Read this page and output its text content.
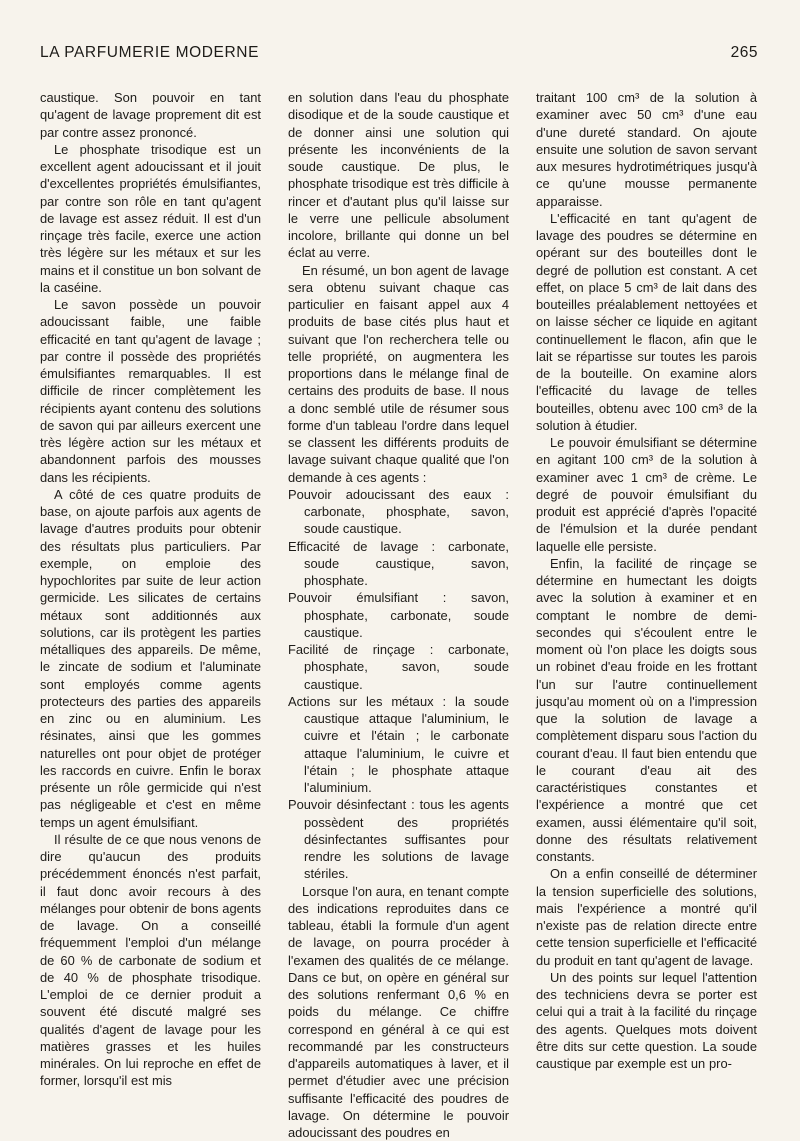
LA PARFUMERIE MODERNE	265

caustique. Son pouvoir en tant qu'agent de lavage proprement dit est par contre assez prononcé.

Le phosphate trisodique est un excellent agent adoucissant et il jouit d'excellentes propriétés émulsifiantes, par contre son rôle en tant qu'agent de lavage est assez réduit. Il est d'un rinçage très facile, exerce une action très légère sur les métaux et sur les mains et il constitue un bon solvant de la caséine.

Le savon possède un pouvoir adoucissant faible, une faible efficacité en tant qu'agent de lavage ; par contre il possède des propriétés émulsifiantes remarquables. Il est difficile de rincer complètement les récipients ayant contenu des solutions de savon qui par ailleurs exercent une très légère action sur les métaux et abandonnent parfois des mousses dans les récipients.

A côté de ces quatre produits de base, on ajoute parfois aux agents de lavage d'autres produits pour obtenir des résultats plus particuliers. Par exemple, on emploie des hypochlorites par suite de leur action germicide. Les silicates de certains métaux sont additionnés aux solutions, car ils protègent les parties métalliques des appareils. De même, le zincate de sodium et l'aluminate sont employés comme agents protecteurs des parties des appareils en zinc ou en aluminium. Les résinates, ainsi que les gommes naturelles ont pour objet de protéger les raccords en cuivre. Enfin le borax présente un rôle germicide qui n'est pas négligeable et c'est en même temps un agent émulsifiant.

Il résulte de ce que nous venons de dire qu'aucun des produits précédemment énoncés n'est parfait, il faut donc avoir recours à des mélanges pour obtenir de bons agents de lavage. On a conseillé fréquemment l'emploi d'un mélange de 60 % de carbonate de sodium et de 40 % de phosphate trisodique. L'emploi de ce dernier produit a souvent été discuté malgré ses qualités d'agent de lavage pour les matières grasses et les huiles minérales. On lui reproche en effet de former, lorsqu'il est mis

en solution dans l'eau du phosphate disodique et de la soude caustique et de donner ainsi une solution qui présente les inconvénients de la soude caustique. De plus, le phosphate trisodique est très difficile à rincer et d'autant plus qu'il laisse sur le verre une pellicule absolument incolore, brillante qui donne un bel éclat au verre.

En résumé, un bon agent de lavage sera obtenu suivant chaque cas particulier en faisant appel aux 4 produits de base cités plus haut et suivant que l'on recherchera telle ou telle propriété, on augmentera les proportions dans le mélange final de certains des produits de base. Il nous a donc semblé utile de résumer sous forme d'un tableau l'ordre dans lequel se classent les différents produits de lavage suivant chaque qualité que l'on demande à ces agents :

Pouvoir adoucissant des eaux : carbonate, phosphate, savon, soude caustique.

Efficacité de lavage : carbonate, soude caustique, savon, phosphate.

Pouvoir émulsifiant : savon, phosphate, carbonate, soude caustique.

Facilité de rinçage : carbonate, phosphate, savon, soude caustique.

Actions sur les métaux : la soude caustique attaque l'aluminium, le cuivre et l'étain ; le carbonate attaque l'aluminium, le cuivre et l'étain ; le phosphate attaque l'aluminium.

Pouvoir désinfectant : tous les agents possèdent des propriétés désinfectantes suffisantes pour rendre les solutions de lavage stériles.

Lorsque l'on aura, en tenant compte des indications reproduites dans ce tableau, établi la formule d'un agent de lavage, on pourra procéder à l'examen des qualités de ce mélange. Dans ce but, on opère en général sur des solutions renfermant 0,6 % en poids du mélange. Ce chiffre correspond en général à ce qui est recommandé par les constructeurs d'appareils automatiques à laver, et il permet d'étudier avec une précision suffisante l'efficacité des poudres de lavage. On détermine le pouvoir adoucissant des poudres en

traitant 100 cm³ de la solution à examiner avec 50 cm³ d'une eau d'une dureté standard. On ajoute ensuite une solution de savon servant aux mesures hydrotimétriques jusqu'à ce qu'une mousse permanente apparaisse.

L'efficacité en tant qu'agent de lavage des poudres se détermine en opérant sur des bouteilles dont le degré de pollution est constant. A cet effet, on place 5 cm³ de lait dans des bouteilles préalablement nettoyées et on laisse sécher ce liquide en agitant continuellement le flacon, afin que le lait se répartisse sur toutes les parois de la bouteille. On examine alors l'efficacité du lavage de telles bouteilles, obtenu avec 100 cm³ de la solution à étudier.

Le pouvoir émulsifiant se détermine en agitant 100 cm³ de la solution à examiner avec 1 cm³ de crème. Le degré de pouvoir émulsifiant du produit est apprécié d'après l'opacité de l'émulsion et la durée pendant laquelle elle persiste.

Enfin, la facilité de rinçage se détermine en humectant les doigts avec la solution à examiner et en comptant le nombre de demi-secondes qui s'écoulent entre le moment où l'on place les doigts sous un robinet d'eau froide en les frottant l'un sur l'autre continuellement jusqu'au moment où on a l'impression que la solution de lavage a complètement disparu sous l'action du courant d'eau. Il faut bien entendu que le courant d'eau ait des caractéristiques constantes et l'expérience a montré que cet examen, aussi élémentaire qu'il soit, donne des résultats relativement constants.

On a enfin conseillé de déterminer la tension superficielle des solutions, mais l'expérience a montré qu'il n'existe pas de relation directe entre cette tension superficielle et l'efficacité du produit en tant qu'agent de lavage.

Un des points sur lequel l'attention des techniciens devra se porter est celui qui a trait à la facilité du rinçage des agents. Quelques mots doivent être dits sur cette question. La soude caustique par exemple est un pro-
